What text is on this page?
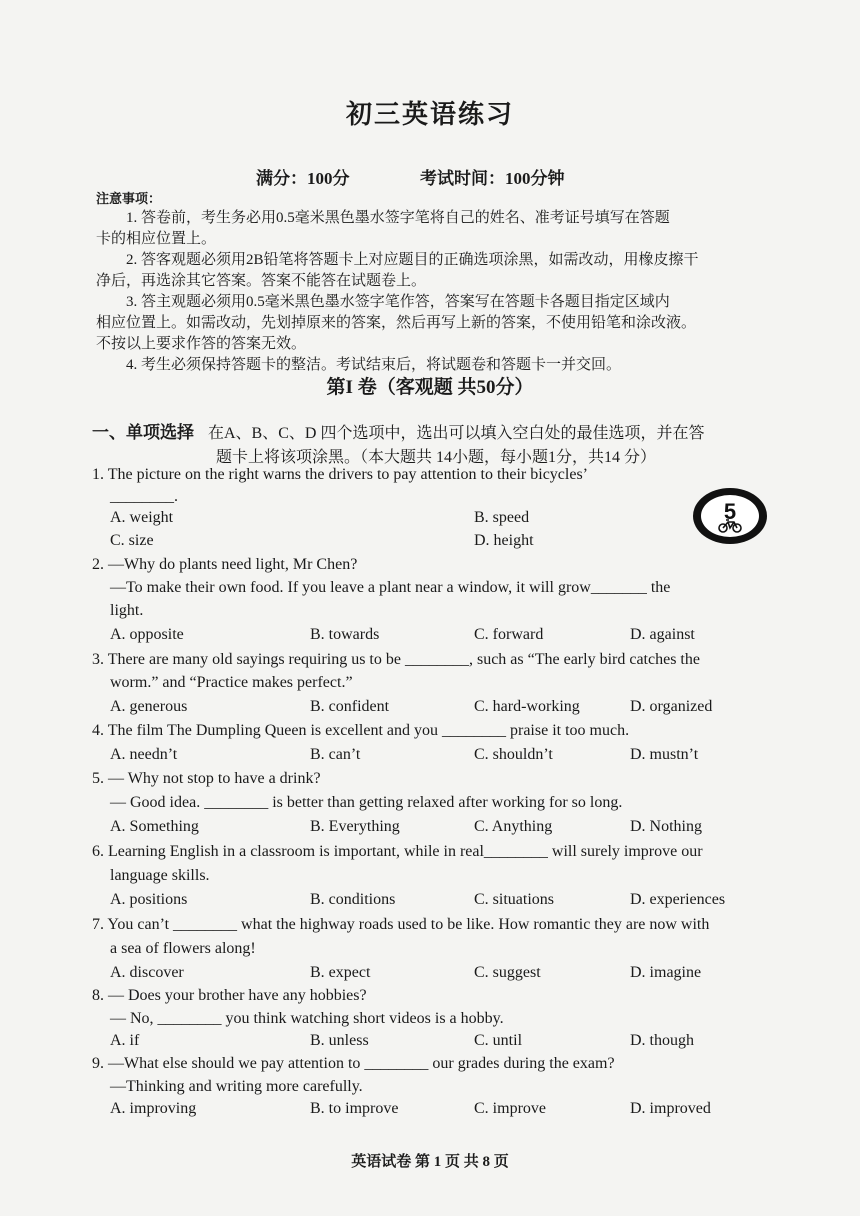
初三英语练习
满分：100分	考试时间：100分钟
注意事项：
1. 答卷前，考生务必用0.5毫米黑色墨水签字笔将自己的姓名、准考证号填写在答题
卡的相应位置上。
2. 答客观题必须用2B铅笔将答题卡上对应题目的正确选项涂黑，如需改动，用橡皮擦干
净后，再选涂其它答案。答案不能答在试题卷上。
3. 答主观题必须用0.5毫米黑色墨水签字笔作答，答案写在答题卡各题目指定区域内
相应位置上。如需改动，先划掉原来的答案，然后再写上新的答案，不使用铅笔和涂改液。
不按以上要求作答的答案无效。
4. 考生必须保持答题卡的整洁。考试结束后，将试题卷和答题卡一并交回。
第I 卷（客观题 共50分）
一、单项选择 在A、B、C、D 四个选项中，选出可以填入空白处的最佳选项，并在答
题卡上将该项涂黑。（本大题共 14小题，每小题1分，共14 分）
5
1. The picture on the right warns the drivers to pay attention to their bicycles’
________.
A. weight	B. speed
C. size	D. height
2. —Why do plants need light, Mr Chen?
—To make their own food. If you leave a plant near a window, it will grow_______ the
light.
A. opposite	B. towards	C. forward	D. against
3. There are many old sayings requiring us to be ________, such as “The early bird catches the
worm.” and “Practice makes perfect.”
A. generous	B. confident	C. hard-working	D. organized
4. The film The Dumpling Queen is excellent and you ________ praise it too much.
A. needn’t	B. can’t	C. shouldn’t	D. mustn’t
5. — Why not stop to have a drink?
— Good idea. ________ is better than getting relaxed after working for so long.
A. Something	B. Everything	C. Anything	D. Nothing
6. Learning English in a classroom is important, while in real________ will surely improve our
language skills.
A. positions	B. conditions	C. situations	D. experiences
7. You can’t ________ what the highway roads used to be like. How romantic they are now with
a sea of flowers along!
A. discover	B. expect	C. suggest	D. imagine
8. — Does your brother have any hobbies?
— No, ________ you think watching short videos is a hobby.
A. if	B. unless	C. until	D. though
9. —What else should we pay attention to ________ our grades during the exam?
—Thinking and writing more carefully.
A. improving	B. to improve	C. improve	D. improved
英语试卷 第 1 页 共 8 页
